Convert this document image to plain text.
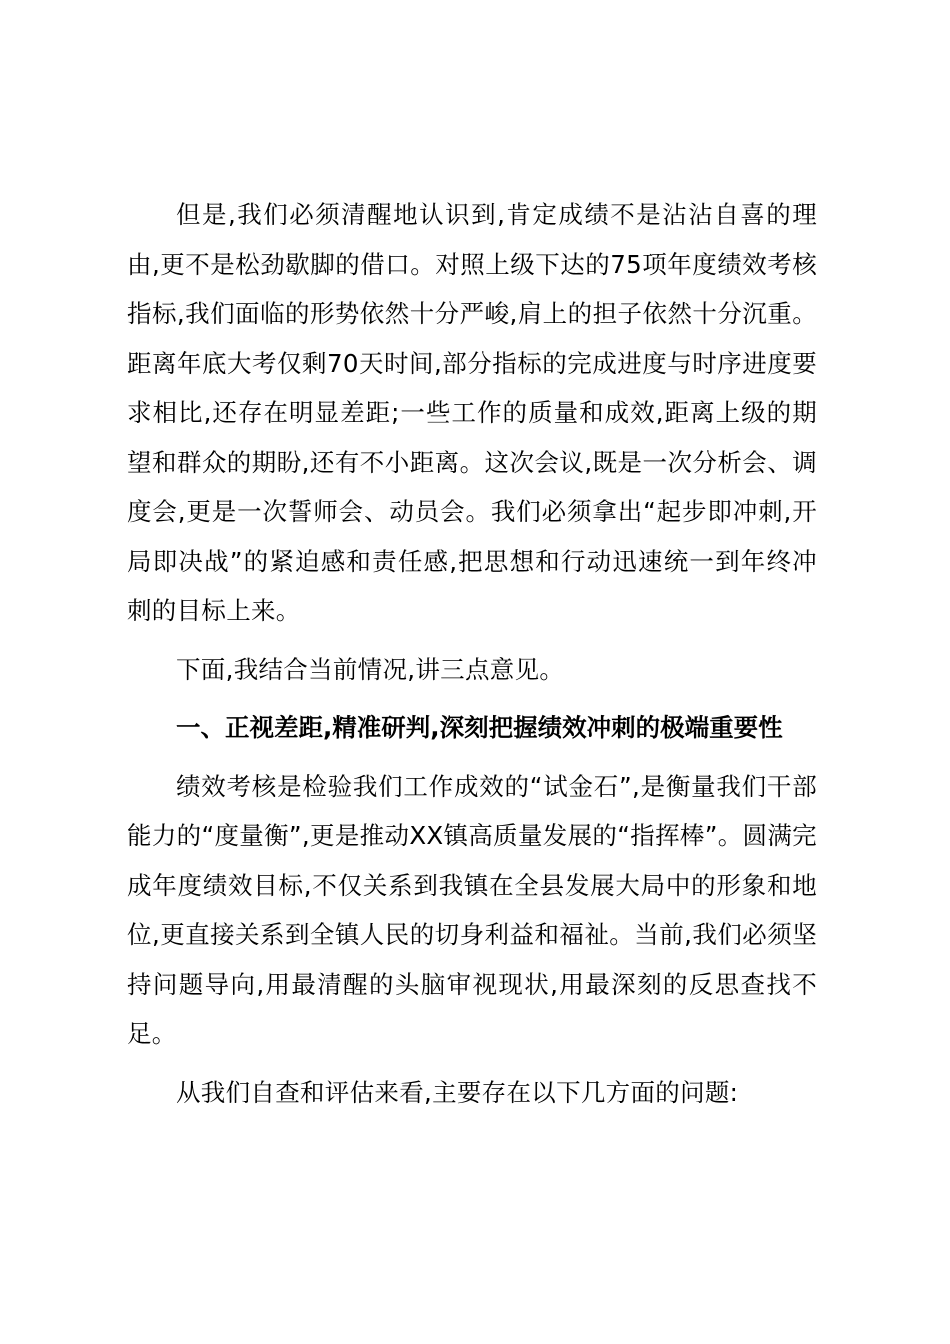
但是,我们必须清醒地认识到,肯定成绩不是沾沾自喜的理由,更不是松劲歇脚的借口。对照上级下达的75项年度绩效考核指标,我们面临的形势依然十分严峻,肩上的担子依然十分沉重。距离年底大考仅剩70天时间,部分指标的完成进度与时序进度要求相比,还存在明显差距;一些工作的质量和成效,距离上级的期望和群众的期盼,还有不小距离。这次会议,既是一次分析会、调度会,更是一次誓师会、动员会。我们必须拿出“起步即冲刺,开局即决战”的紧迫感和责任感,把思想和行动迅速统一到年终冲刺的目标上来。

下面,我结合当前情况,讲三点意见。

一、正视差距,精准研判,深刻把握绩效冲刺的极端重要性

绩效考核是检验我们工作成效的“试金石”,是衡量我们干部能力的“度量衡”,更是推动XX镇高质量发展的“指挥棒”。圆满完成年度绩效目标,不仅关系到我镇在全县发展大局中的形象和地位,更直接关系到全镇人民的切身利益和福祉。当前,我们必须坚持问题导向,用最清醒的头脑审视现状,用最深刻的反思查找不足。

从我们自查和评估来看,主要存在以下几方面的问题:
